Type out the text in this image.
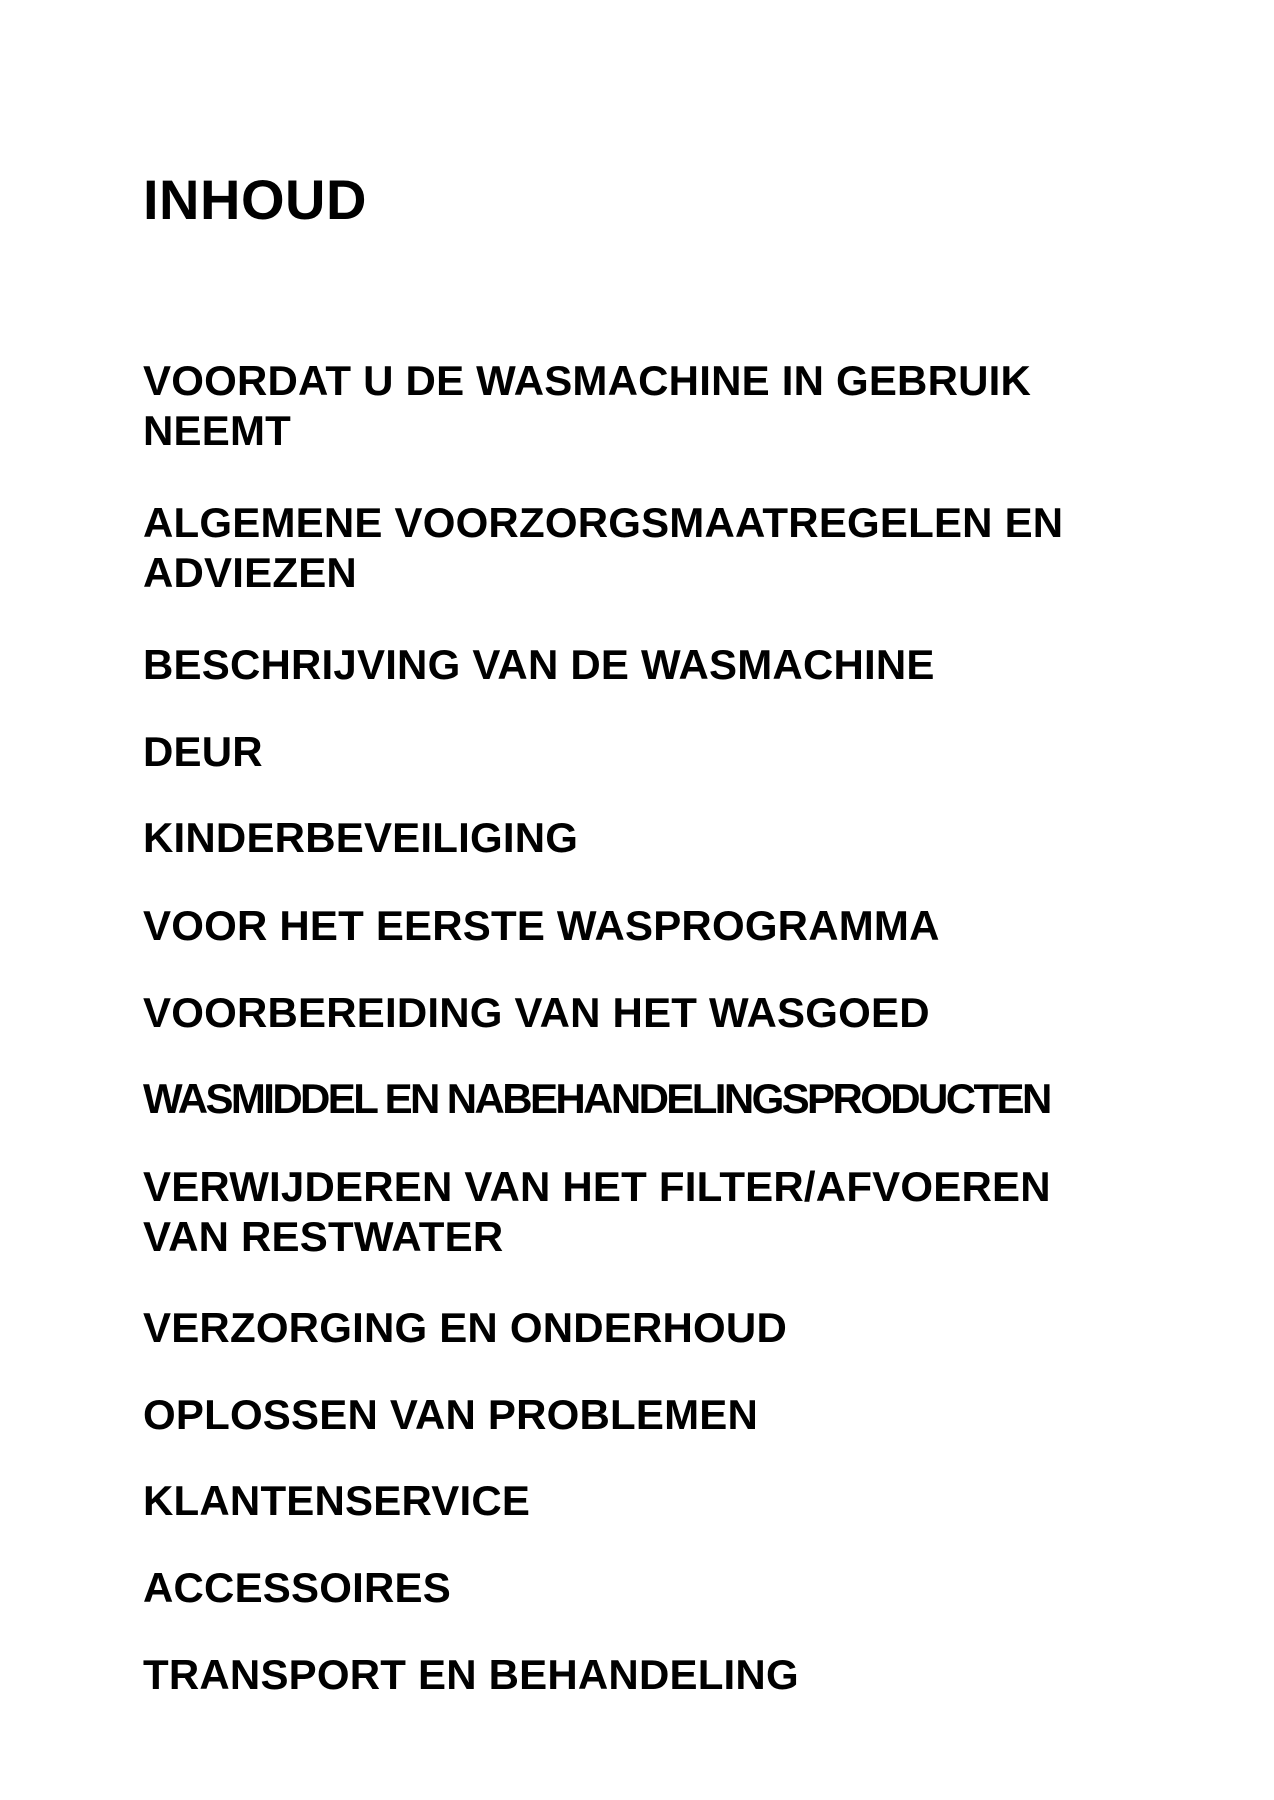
INHOUD
VOORDAT U DE WASMACHINE IN GEBRUIK
NEEMT
ALGEMENE VOORZORGSMAATREGELEN EN
ADVIEZEN
BESCHRIJVING VAN DE WASMACHINE
DEUR
KINDERBEVEILIGING
VOOR HET EERSTE WASPROGRAMMA
VOORBEREIDING VAN HET WASGOED
WASMIDDEL EN NABEHANDELINGSPRODUCTEN
VERWIJDEREN VAN HET FILTER/AFVOEREN
VAN RESTWATER
VERZORGING EN ONDERHOUD
OPLOSSEN VAN PROBLEMEN
KLANTENSERVICE
ACCESSOIRES
TRANSPORT EN BEHANDELING
